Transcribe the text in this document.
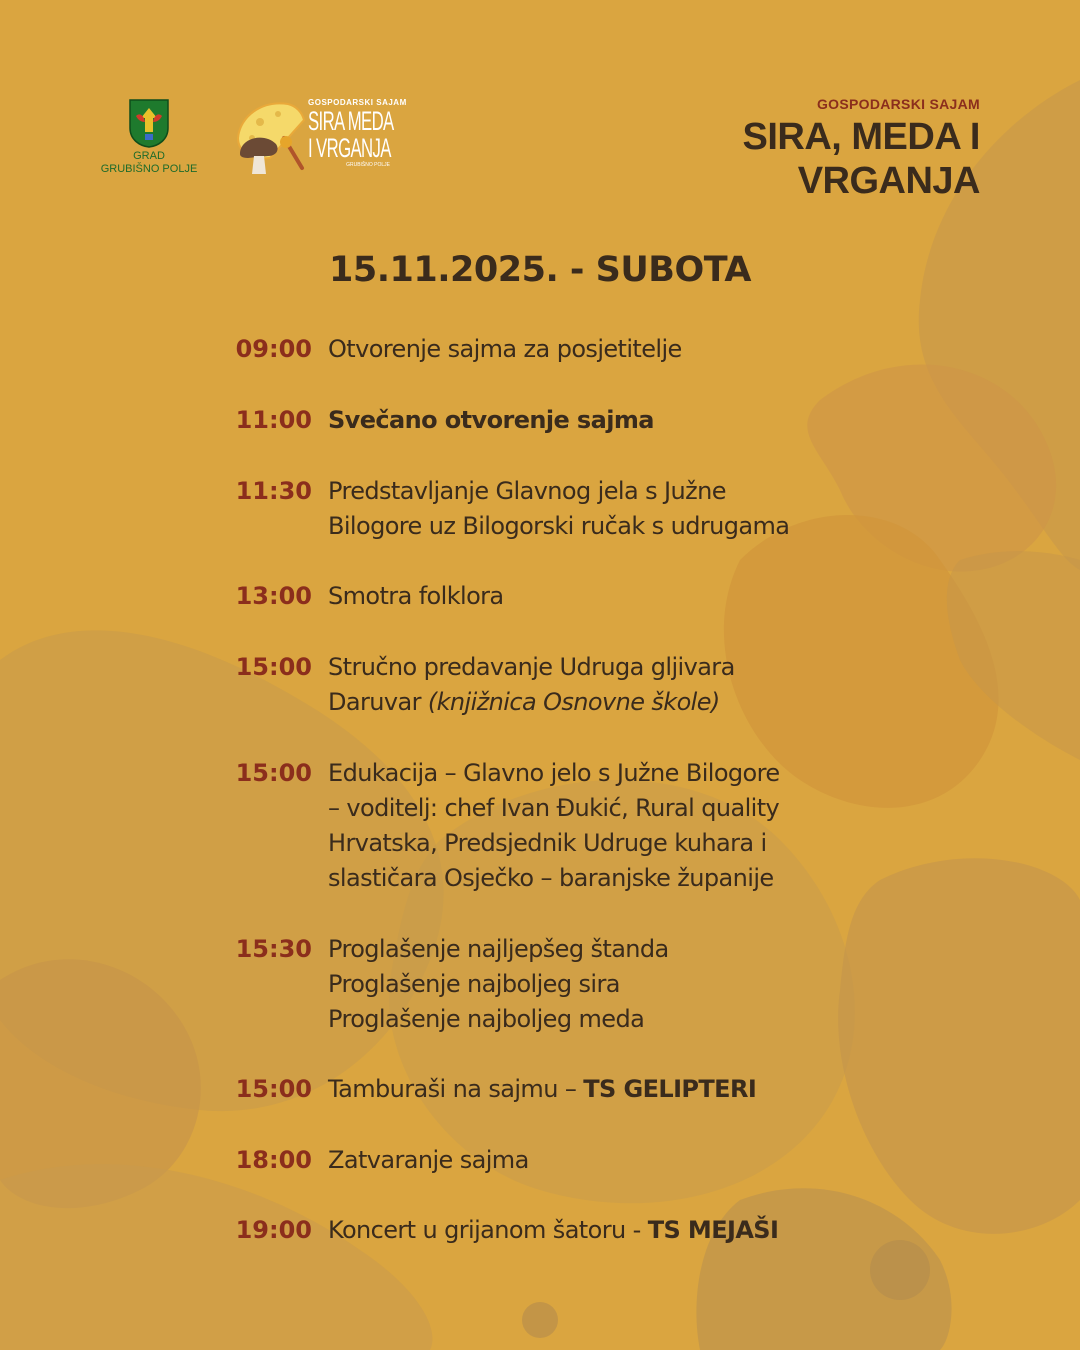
GRAD
GRUBIŠNO POLJE
GOSPODARSKI SAJAM
SIRA MEDA
I VRGANJA
GRUBIŠNO POLJE
GOSPODARSKI SAJAM
SIRA, MEDA I
VRGANJA
15.11.2025. - SUBOTA
09:00 Otvorenje sajma za posjetitelje
11:00 Svečano otvorenje sajma
11:30 Predstavljanje Glavnog jela s Južne
Bilogore uz Bilogorski ručak s udrugama
13:00 Smotra folklora
15:00 Stručno predavanje Udruga gljivara
Daruvar (knjižnica Osnovne škole)
15:00 Edukacija – Glavno jelo s Južne Bilogore
– voditelj: chef Ivan Đukić, Rural quality
Hrvatska, Predsjednik Udruge kuhara i
slastičara Osječko – baranjske županije
15:30 Proglašenje najljepšeg štanda
Proglašenje najboljeg sira
Proglašenje najboljeg meda
15:00 Tamburaši na sajmu – TS GELIPTERI
18:00 Zatvaranje sajma
19:00 Koncert u grijanom šatoru - TS MEJAŠI
